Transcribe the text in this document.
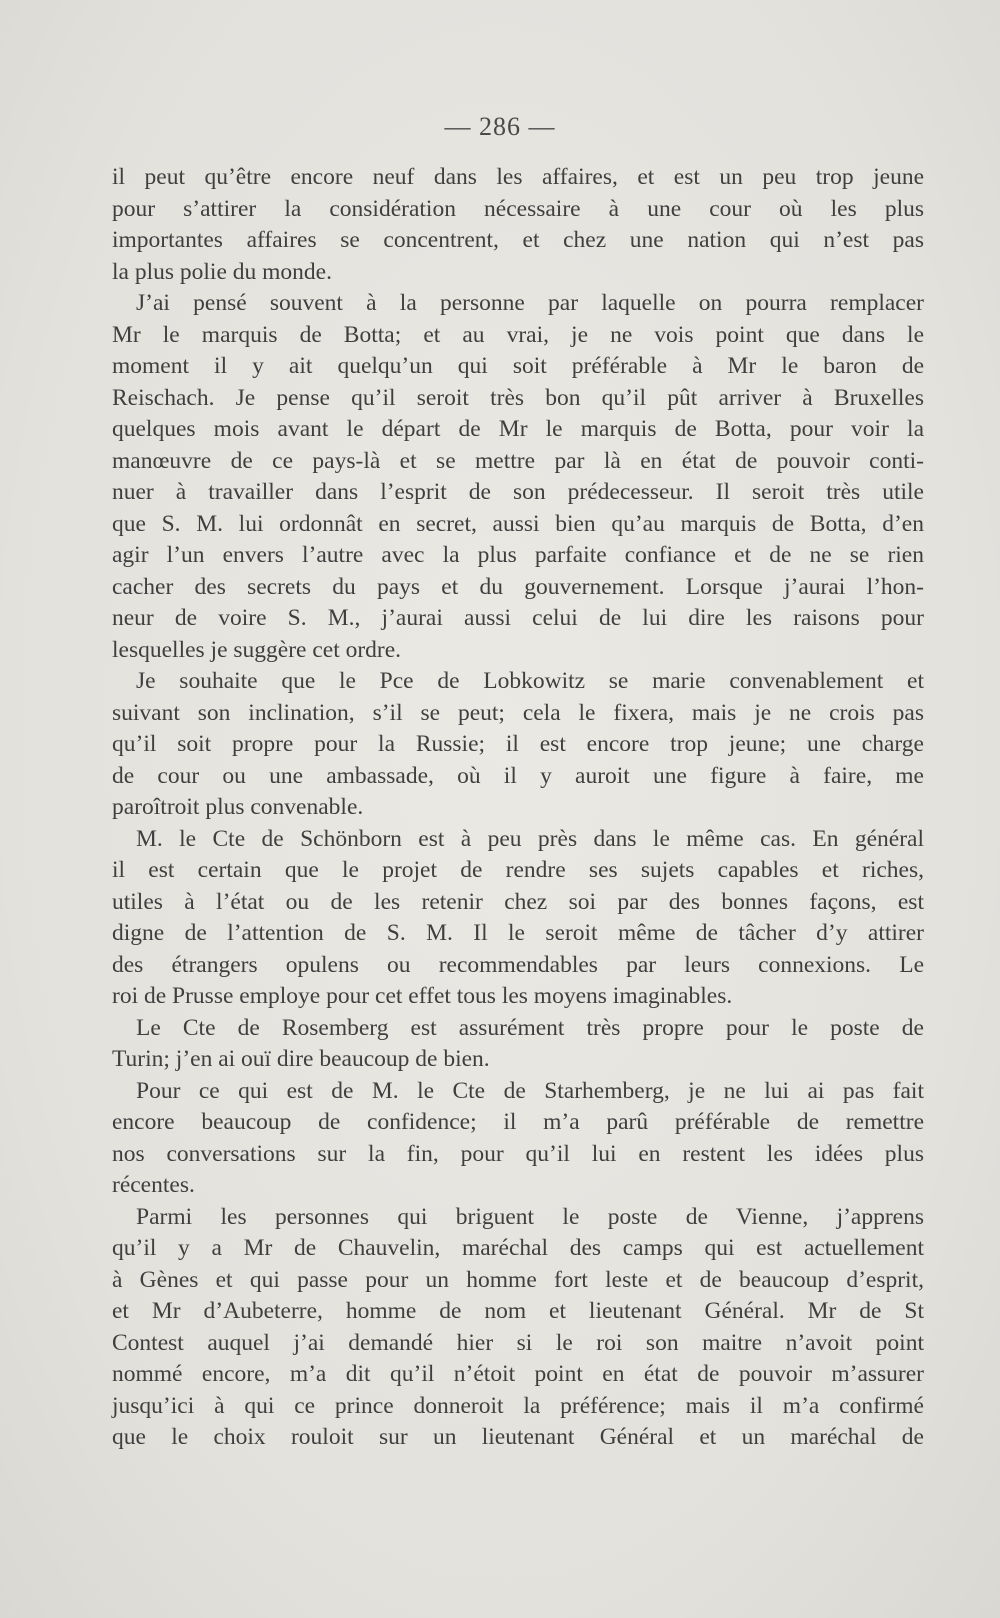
— 286 —
il peut qu’être encore neuf dans les affaires, et est un peu trop jeune
pour s’attirer la considération nécessaire à une cour où les plus
importantes affaires se concentrent, et chez une nation qui n’est pas
la plus polie du monde.
J’ai pensé souvent à la personne par laquelle on pourra remplacer
Mr le marquis de Botta; et au vrai, je ne vois point que dans le
moment il y ait quelqu’un qui soit préférable à Mr le baron de
Reischach. Je pense qu’il seroit très bon qu’il pût arriver à Bruxelles
quelques mois avant le départ de Mr le marquis de Botta, pour voir la
manœuvre de ce pays-là et se mettre par là en état de pouvoir conti-
nuer à travailler dans l’esprit de son prédecesseur. Il seroit très utile
que S. M. lui ordonnât en secret, aussi bien qu’au marquis de Botta, d’en
agir l’un envers l’autre avec la plus parfaite confiance et de ne se rien
cacher des secrets du pays et du gouvernement. Lorsque j’aurai l’hon-
neur de voire S. M., j’aurai aussi celui de lui dire les raisons pour
lesquelles je suggère cet ordre.
Je souhaite que le Pce de Lobkowitz se marie convenablement et
suivant son inclination, s’il se peut; cela le fixera, mais je ne crois pas
qu’il soit propre pour la Russie; il est encore trop jeune; une charge
de cour ou une ambassade, où il y auroit une figure à faire, me
paroîtroit plus convenable.
M. le Cte de Schönborn est à peu près dans le même cas. En général
il est certain que le projet de rendre ses sujets capables et riches,
utiles à l’état ou de les retenir chez soi par des bonnes façons, est
digne de l’attention de S. M. Il le seroit même de tâcher d’y attirer
des étrangers opulens ou recommendables par leurs connexions. Le
roi de Prusse employe pour cet effet tous les moyens imaginables.
Le Cte de Rosemberg est assurément très propre pour le poste de
Turin; j’en ai ouï dire beaucoup de bien.
Pour ce qui est de M. le Cte de Starhemberg, je ne lui ai pas fait
encore beaucoup de confidence; il m’a parû préférable de remettre
nos conversations sur la fin, pour qu’il lui en restent les idées plus
récentes.
Parmi les personnes qui briguent le poste de Vienne, j’apprens
qu’il y a Mr de Chauvelin, maréchal des camps qui est actuellement
à Gènes et qui passe pour un homme fort leste et de beaucoup d’esprit,
et Mr d’Aubeterre, homme de nom et lieutenant Général. Mr de St
Contest auquel j’ai demandé hier si le roi son maitre n’avoit point
nommé encore, m’a dit qu’il n’étoit point en état de pouvoir m’assurer
jusqu’ici à qui ce prince donneroit la préférence; mais il m’a confirmé
que le choix rouloit sur un lieutenant Général et un maréchal de
